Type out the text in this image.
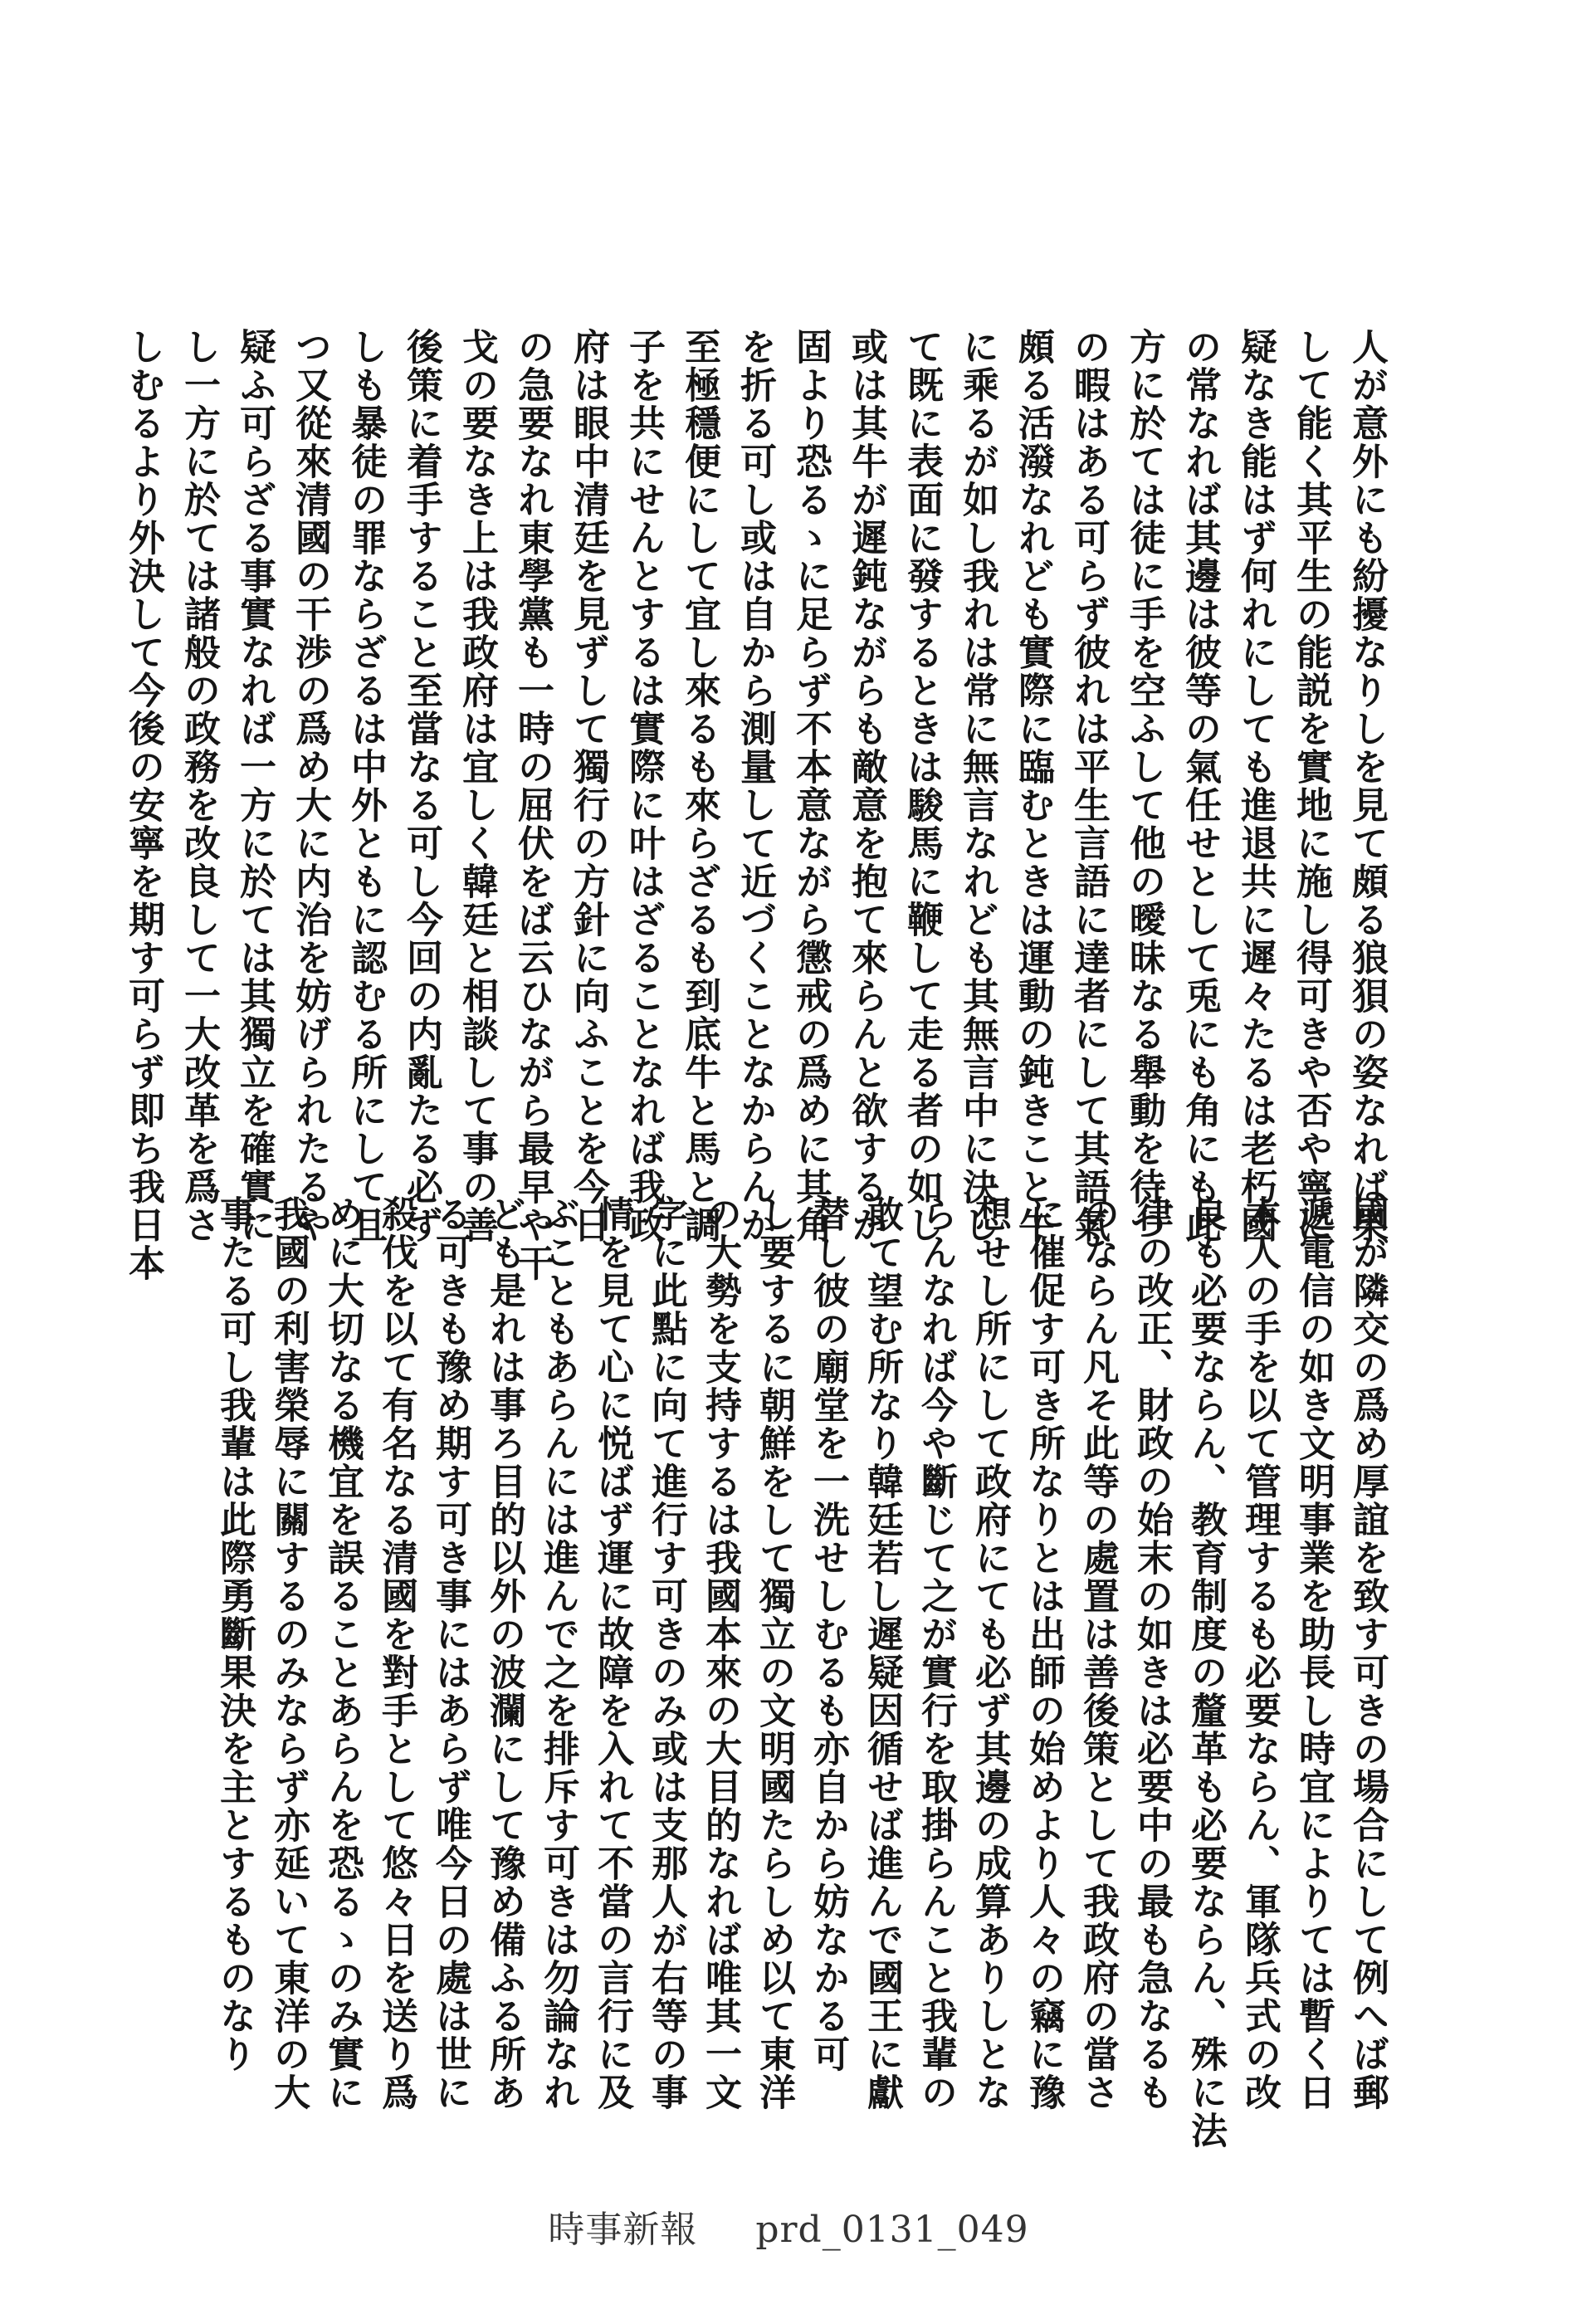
人が意外にも紛擾なりしを見て頗る狼狽の姿なれば果
して能く其平生の能説を實地に施し得可きや否や寧に
疑なき能はず何れにしても進退共に遲々たるは老朽國
の常なれば其邊は彼等の氣任せとして兎にも角にも此
方に於ては徒に手を空ふして他の曖昧なる舉動を待つ
の暇はある可らず彼れは平生言語に達者にして其語氣
頗る活潑なれども實際に臨むときは運動の鈍きこと牛
に乘るが如し我れは常に無言なれども其無言中に決し
て既に表面に發するときは駿馬に鞭して走る者の如し
或は其牛が遲鈍ながらも敵意を抱て來らんと欲するか
固より恐るゝに足らず不本意ながら懲戒の爲めに其角
を折る可し或は自から測量して近づくことなからんか
至極穩便にして宜し來るも來らざるも到底牛と馬と調
子を共にせんとするは實際に叶はざることなれば我政
府は眼中清廷を見ずして獨行の方針に向ふことを今日
の急要なれ東學黨も一時の屈伏をば云ひながら最早や干
戈の要なき上は我政府は宜しく韓廷と相談して事の善
後策に着手すること至當なる可し今回の内亂たる必ず
しも暴徒の罪ならざるは中外ともに認むる所にして且
つ又從來清國の干渉の爲め大に内治を妨げられたるや
疑ふ可らざる事實なれば一方に於ては其獨立を確實に
し一方に於ては諸般の政務を改良して一大改革を爲さ
しむるより外決して今後の安寧を期す可らず即ち我日本
國が隣交の爲め厚誼を致す可きの場合にして例へば郵
遞電信の如き文明事業を助長し時宜によりては暫く日
本人の手を以て管理するも必要ならん、軍隊兵式の改
良も必要ならん、教育制度の釐革も必要ならん、殊に法
律の改正、財政の始末の如きは必要中の最も急なるも
のならん凡そ此等の處置は善後策として我政府の當さ
に催促す可き所なりとは出師の始めより人々の竊に豫
想せし所にして政府にても必ず其邊の成算ありしとな
らんなれば今や斷じて之が實行を取掛らんこと我輩の
敢て望む所なり韓廷若し遲疑因循せば進んで國王に獻
替し彼の廟堂を一洗せしむるも亦自から妨なかる可
し要するに朝鮮をして獨立の文明國たらしめ以て東洋
の大勢を支持するは我國本來の大目的なれば唯其一文
字に此點に向て進行す可きのみ或は支那人が右等の事
情を見て心に悦ばず運に故障を入れて不當の言行に及
ぶこともあらんには進んで之を排斥す可きは勿論なれ
ども是れは事ろ目的以外の波瀾にして豫め備ふる所あ
る可きも豫め期す可き事にはあらず唯今日の處は世に
殺伐を以て有名なる清國を對手として悠々日を送り爲
めに大切なる機宜を誤ることあらんを恐るゝのみ實に
我國の利害榮辱に關するのみならず亦延いて東洋の大
事たる可し我輩は此際勇斷果決を主とするものなり
時事新報 prd_0131_049
